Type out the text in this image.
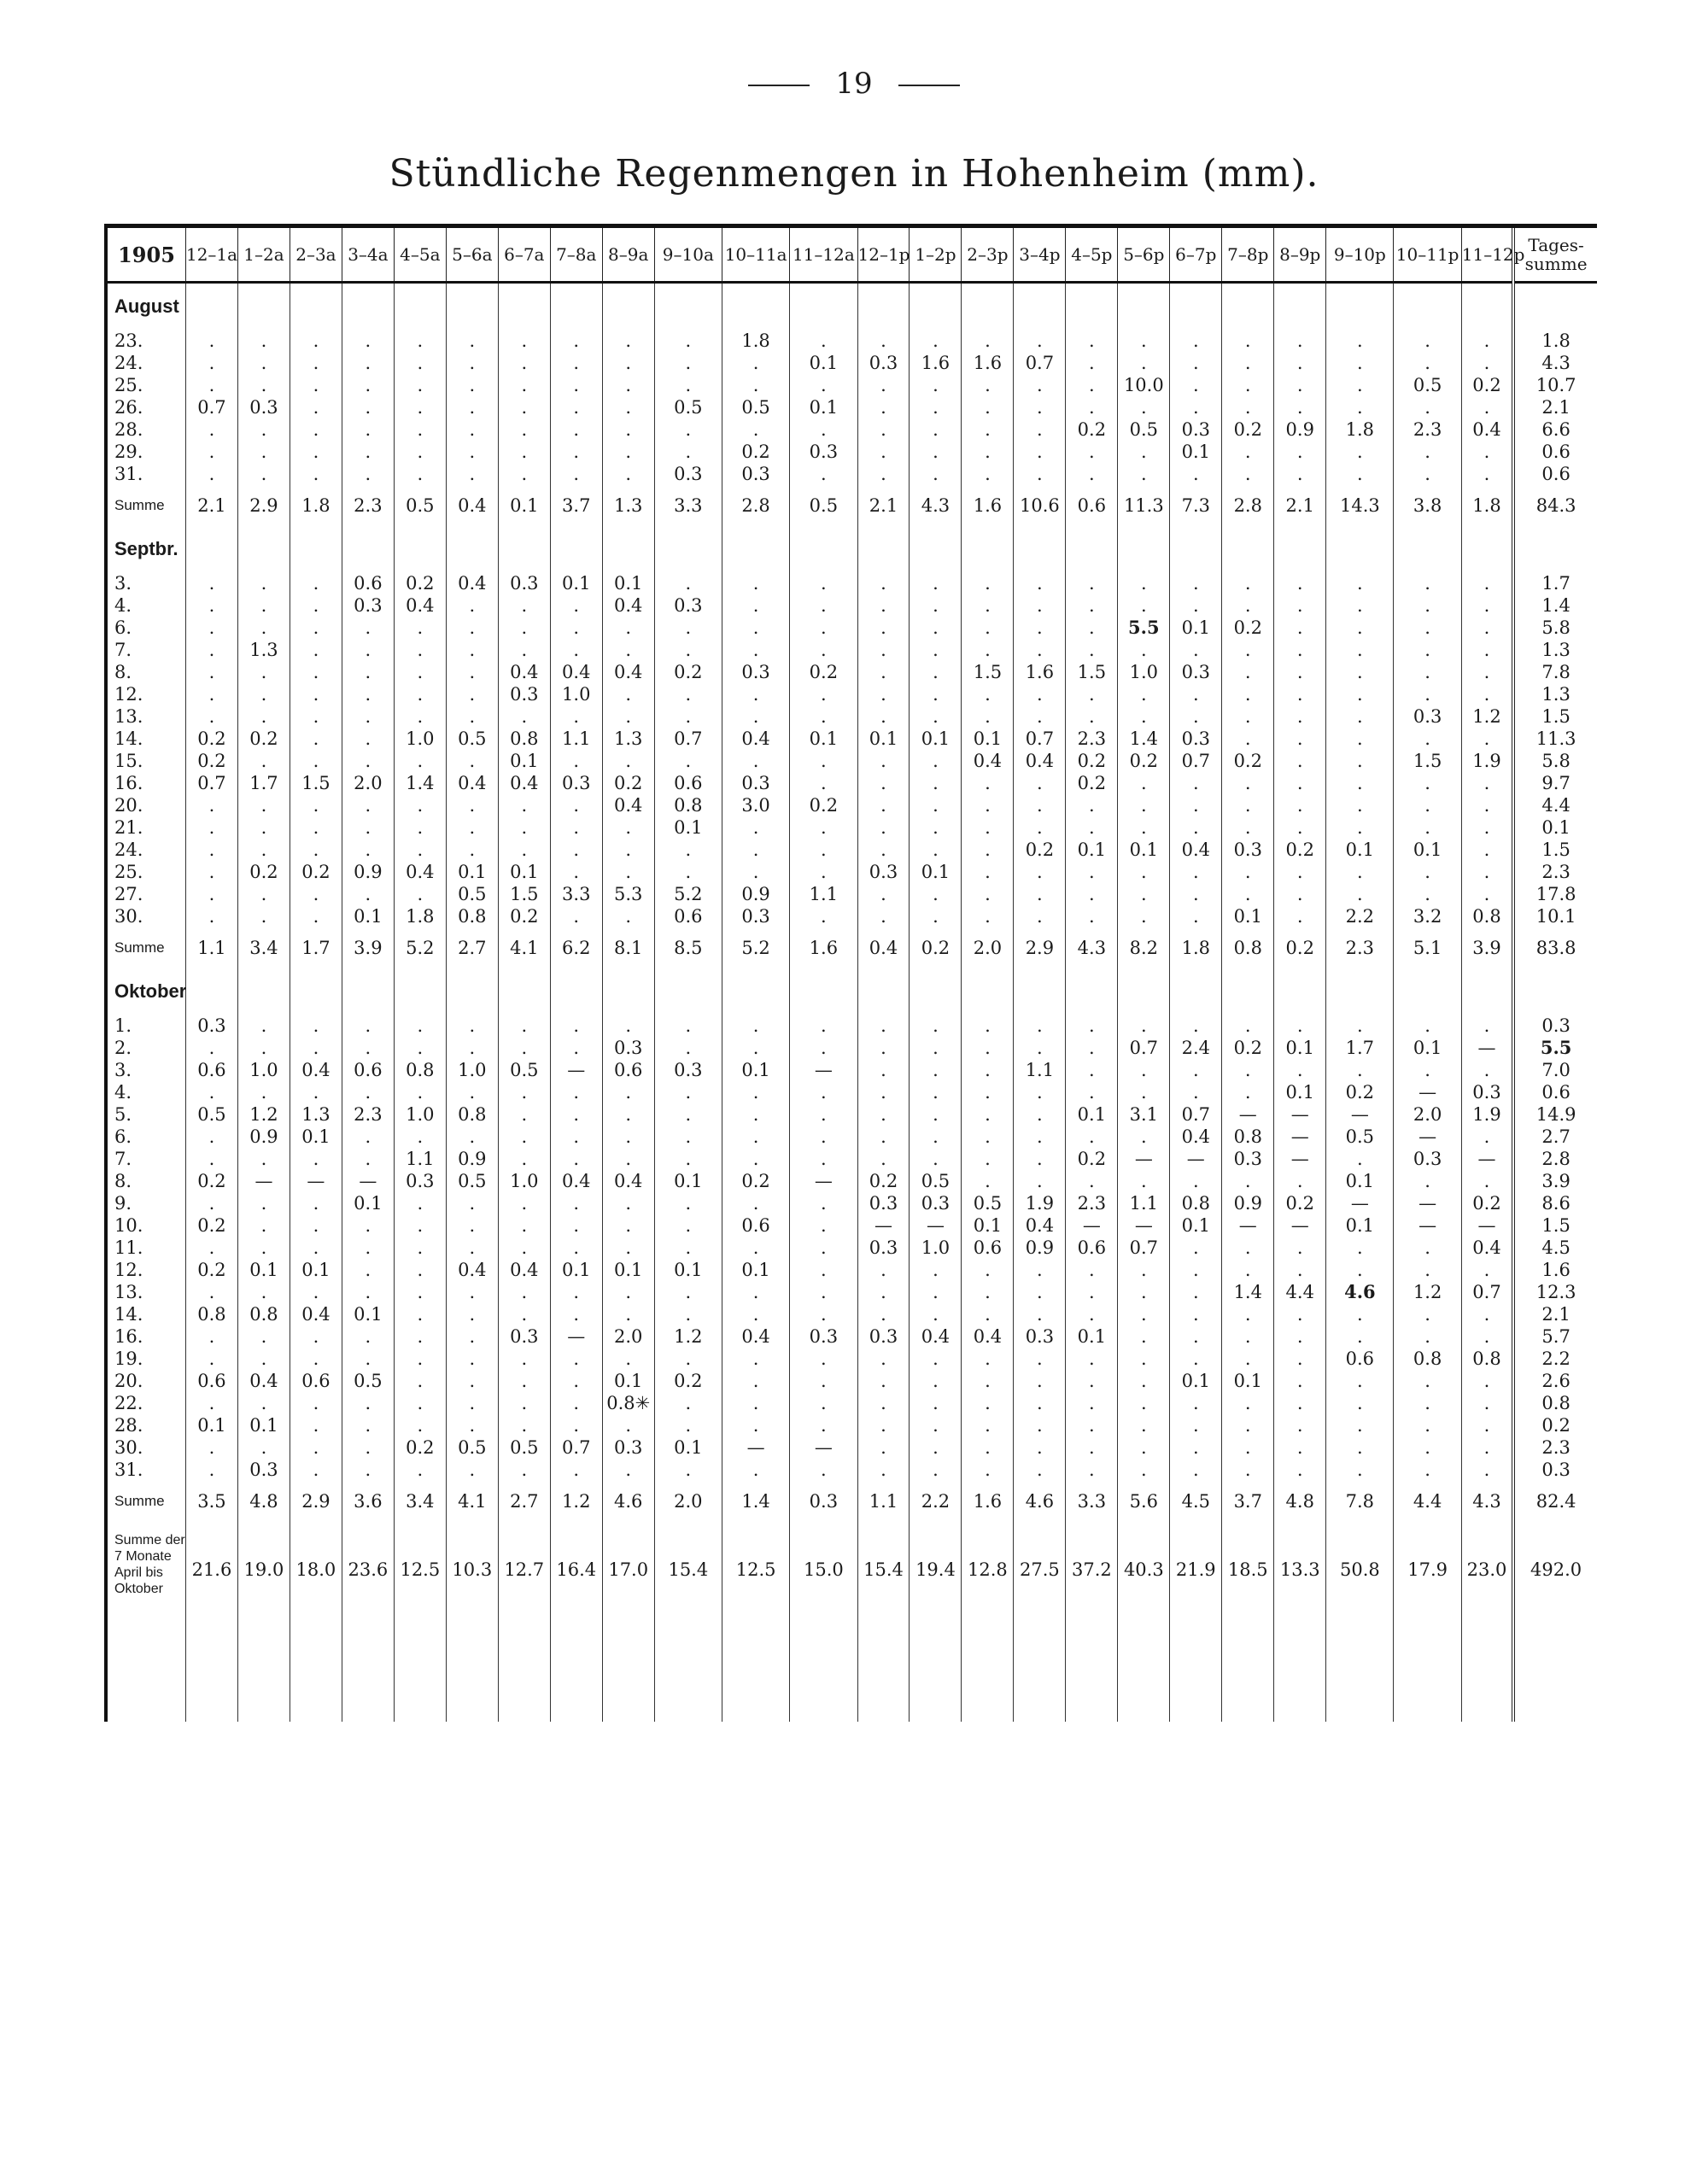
19
Stündliche Regenmengen in Hohenheim (mm).
1905	12–1a	1–2a	2–3a	3–4a	4–5a	5–6a	6–7a	7–8a	8–9a	9–10a	10–11a	11–12a	12–1p	1–2p	2–3p	3–4p	4–5p	5–6p	6–7p	7–8p	8–9p	9–10p	10–11p	11–12p	Tages- summe
August																									
23.	.	.	.	.	.	.	.	.	.	.	1.8	.	.	.	.	.	.	.	.	.	.	.	.	.	1.8
24.	.	.	.	.	.	.	.	.	.	.	.	0.1	0.3	1.6	1.6	0.7	.	.	.	.	.	.	.	.	4.3
25.	.	.	.	.	.	.	.	.	.	.	.	.	.	.	.	.	.	10.0	.	.	.	.	0.5	0.2	10.7
26.	0.7	0.3	.	.	.	.	.	.	.	0.5	0.5	0.1	.	.	.	.	.	.	.	.	.	.	.	.	2.1
28.	.	.	.	.	.	.	.	.	.	.	.	.	.	.	.	.	0.2	0.5	0.3	0.2	0.9	1.8	2.3	0.4	6.6
29.	.	.	.	.	.	.	.	.	.	.	0.2	0.3	.	.	.	.	.	.	0.1	.	.	.	.	.	0.6
31.	.	.	.	.	.	.	.	.	.	0.3	0.3	.	.	.	.	.	.	.	.	.	.	.	.	.	0.6
Summe	2.1	2.9	1.8	2.3	0.5	0.4	0.1	3.7	1.3	3.3	2.8	0.5	2.1	4.3	1.6	10.6	0.6	11.3	7.3	2.8	2.1	14.3	3.8	1.8	84.3
Septbr.																									
3.	.	.	.	0.6	0.2	0.4	0.3	0.1	0.1	.	.	.	.	.	.	.	.	.	.	.	.	.	.	.	1.7
4.	.	.	.	0.3	0.4	.	.	.	0.4	0.3	.	.	.	.	.	.	.	.	.	.	.	.	.	.	1.4
6.	.	.	.	.	.	.	.	.	.	.	.	.	.	.	.	.	.	5.5	0.1	0.2	.	.	.	.	5.8
7.	.	1.3	.	.	.	.	.	.	.	.	.	.	.	.	.	.	.	.	.	.	.	.	.	.	1.3
8.	.	.	.	.	.	.	0.4	0.4	0.4	0.2	0.3	0.2	.	.	1.5	1.6	1.5	1.0	0.3	.	.	.	.	.	7.8
12.	.	.	.	.	.	.	0.3	1.0	.	.	.	.	.	.	.	.	.	.	.	.	.	.	.	.	1.3
13.	.	.	.	.	.	.	.	.	.	.	.	.	.	.	.	.	.	.	.	.	.	.	0.3	1.2	1.5
14.	0.2	0.2	.	.	1.0	0.5	0.8	1.1	1.3	0.7	0.4	0.1	0.1	0.1	0.1	0.7	2.3	1.4	0.3	.	.	.	.	.	11.3
15.	0.2	.	.	.	.	.	0.1	.	.	.	.	.	.	.	0.4	0.4	0.2	0.2	0.7	0.2	.	.	1.5	1.9	5.8
16.	0.7	1.7	1.5	2.0	1.4	0.4	0.4	0.3	0.2	0.6	0.3	.	.	.	.	.	0.2	.	.	.	.	.	.	.	9.7
20.	.	.	.	.	.	.	.	.	0.4	0.8	3.0	0.2	.	.	.	.	.	.	.	.	.	.	.	.	4.4
21.	.	.	.	.	.	.	.	.	.	0.1	.	.	.	.	.	.	.	.	.	.	.	.	.	.	0.1
24.	.	.	.	.	.	.	.	.	.	.	.	.	.	.	.	0.2	0.1	0.1	0.4	0.3	0.2	0.1	0.1	.	1.5
25.	.	0.2	0.2	0.9	0.4	0.1	0.1	.	.	.	.	.	0.3	0.1	.	.	.	.	.	.	.	.	.	.	2.3
27.	.	.	.	.	.	0.5	1.5	3.3	5.3	5.2	0.9	1.1	.	.	.	.	.	.	.	.	.	.	.	.	17.8
30.	.	.	.	0.1	1.8	0.8	0.2	.	.	0.6	0.3	.	.	.	.	.	.	.	.	0.1	.	2.2	3.2	0.8	10.1
Summe	1.1	3.4	1.7	3.9	5.2	2.7	4.1	6.2	8.1	8.5	5.2	1.6	0.4	0.2	2.0	2.9	4.3	8.2	1.8	0.8	0.2	2.3	5.1	3.9	83.8
Oktober																									
1.	0.3	.	.	.	.	.	.	.	.	.	.	.	.	.	.	.	.	.	.	.	.	.	.	.	0.3
2.	.	.	.	.	.	.	.	.	0.3	.	.	.	.	.	.	.	.	0.7	2.4	0.2	0.1	1.7	0.1	—	5.5
3.	0.6	1.0	0.4	0.6	0.8	1.0	0.5	—	0.6	0.3	0.1	—	.	.	.	1.1	.	.	.	.	.	.	.	.	7.0
4.	.	.	.	.	.	.	.	.	.	.	.	.	.	.	.	.	.	.	.	.	0.1	0.2	—	0.3	0.6
5.	0.5	1.2	1.3	2.3	1.0	0.8	.	.	.	.	.	.	.	.	.	.	0.1	3.1	0.7	—	—	—	2.0	1.9	14.9
6.	.	0.9	0.1	.	.	.	.	.	.	.	.	.	.	.	.	.	.	.	0.4	0.8	—	0.5	—	.	2.7
7.	.	.	.	.	1.1	0.9	.	.	.	.	.	.	.	.	.	.	0.2	—	—	0.3	—	.	0.3	—	2.8
8.	0.2	—	—	—	0.3	0.5	1.0	0.4	0.4	0.1	0.2	—	0.2	0.5	.	.	.	.	.	.	.	0.1	.	.	3.9
9.	.	.	.	0.1	.	.	.	.	.	.	.	.	0.3	0.3	0.5	1.9	2.3	1.1	0.8	0.9	0.2	—	—	0.2	8.6
10.	0.2	.	.	.	.	.	.	.	.	.	0.6	.	—	—	0.1	0.4	—	—	0.1	—	—	0.1	—	—	1.5
11.	.	.	.	.	.	.	.	.	.	.	.	.	0.3	1.0	0.6	0.9	0.6	0.7	.	.	.	.	.	0.4	4.5
12.	0.2	0.1	0.1	.	.	0.4	0.4	0.1	0.1	0.1	0.1	.	.	.	.	.	.	.	.	.	.	.	.	.	1.6
13.	.	.	.	.	.	.	.	.	.	.	.	.	.	.	.	.	.	.	.	1.4	4.4	4.6	1.2	0.7	12.3
14.	0.8	0.8	0.4	0.1	.	.	.	.	.	.	.	.	.	.	.	.	.	.	.	.	.	.	.	.	2.1
16.	.	.	.	.	.	.	0.3	—	2.0	1.2	0.4	0.3	0.3	0.4	0.4	0.3	0.1	.	.	.	.	.	.	.	5.7
19.	.	.	.	.	.	.	.	.	.	.	.	.	.	.	.	.	.	.	.	.	.	0.6	0.8	0.8	2.2
20.	0.6	0.4	0.6	0.5	.	.	.	.	0.1	0.2	.	.	.	.	.	.	.	.	0.1	0.1	.	.	.	.	2.6
22.	.	.	.	.	.	.	.	.	0.8✳	.	.	.	.	.	.	.	.	.	.	.	.	.	.	.	0.8
28.	0.1	0.1	.	.	.	.	.	.	.	.	.	.	.	.	.	.	.	.	.	.	.	.	.	.	0.2
30.	.	.	.	.	0.2	0.5	0.5	0.7	0.3	0.1	—	—	.	.	.	.	.	.	.	.	.	.	.	.	2.3
31.	.	0.3	.	.	.	.	.	.	.	.	.	.	.	.	.	.	.	.	.	.	.	.	.	.	0.3
Summe	3.5	4.8	2.9	3.6	3.4	4.1	2.7	1.2	4.6	2.0	1.4	0.3	1.1	2.2	1.6	4.6	3.3	5.6	4.5	3.7	4.8	7.8	4.4	4.3	82.4
Summe der 7 Monate April bis Oktober	21.6	19.0	18.0	23.6	12.5	10.3	12.7	16.4	17.0	15.4	12.5	15.0	15.4	19.4	12.8	27.5	37.2	40.3	21.9	18.5	13.3	50.8	17.9	23.0	492.0
